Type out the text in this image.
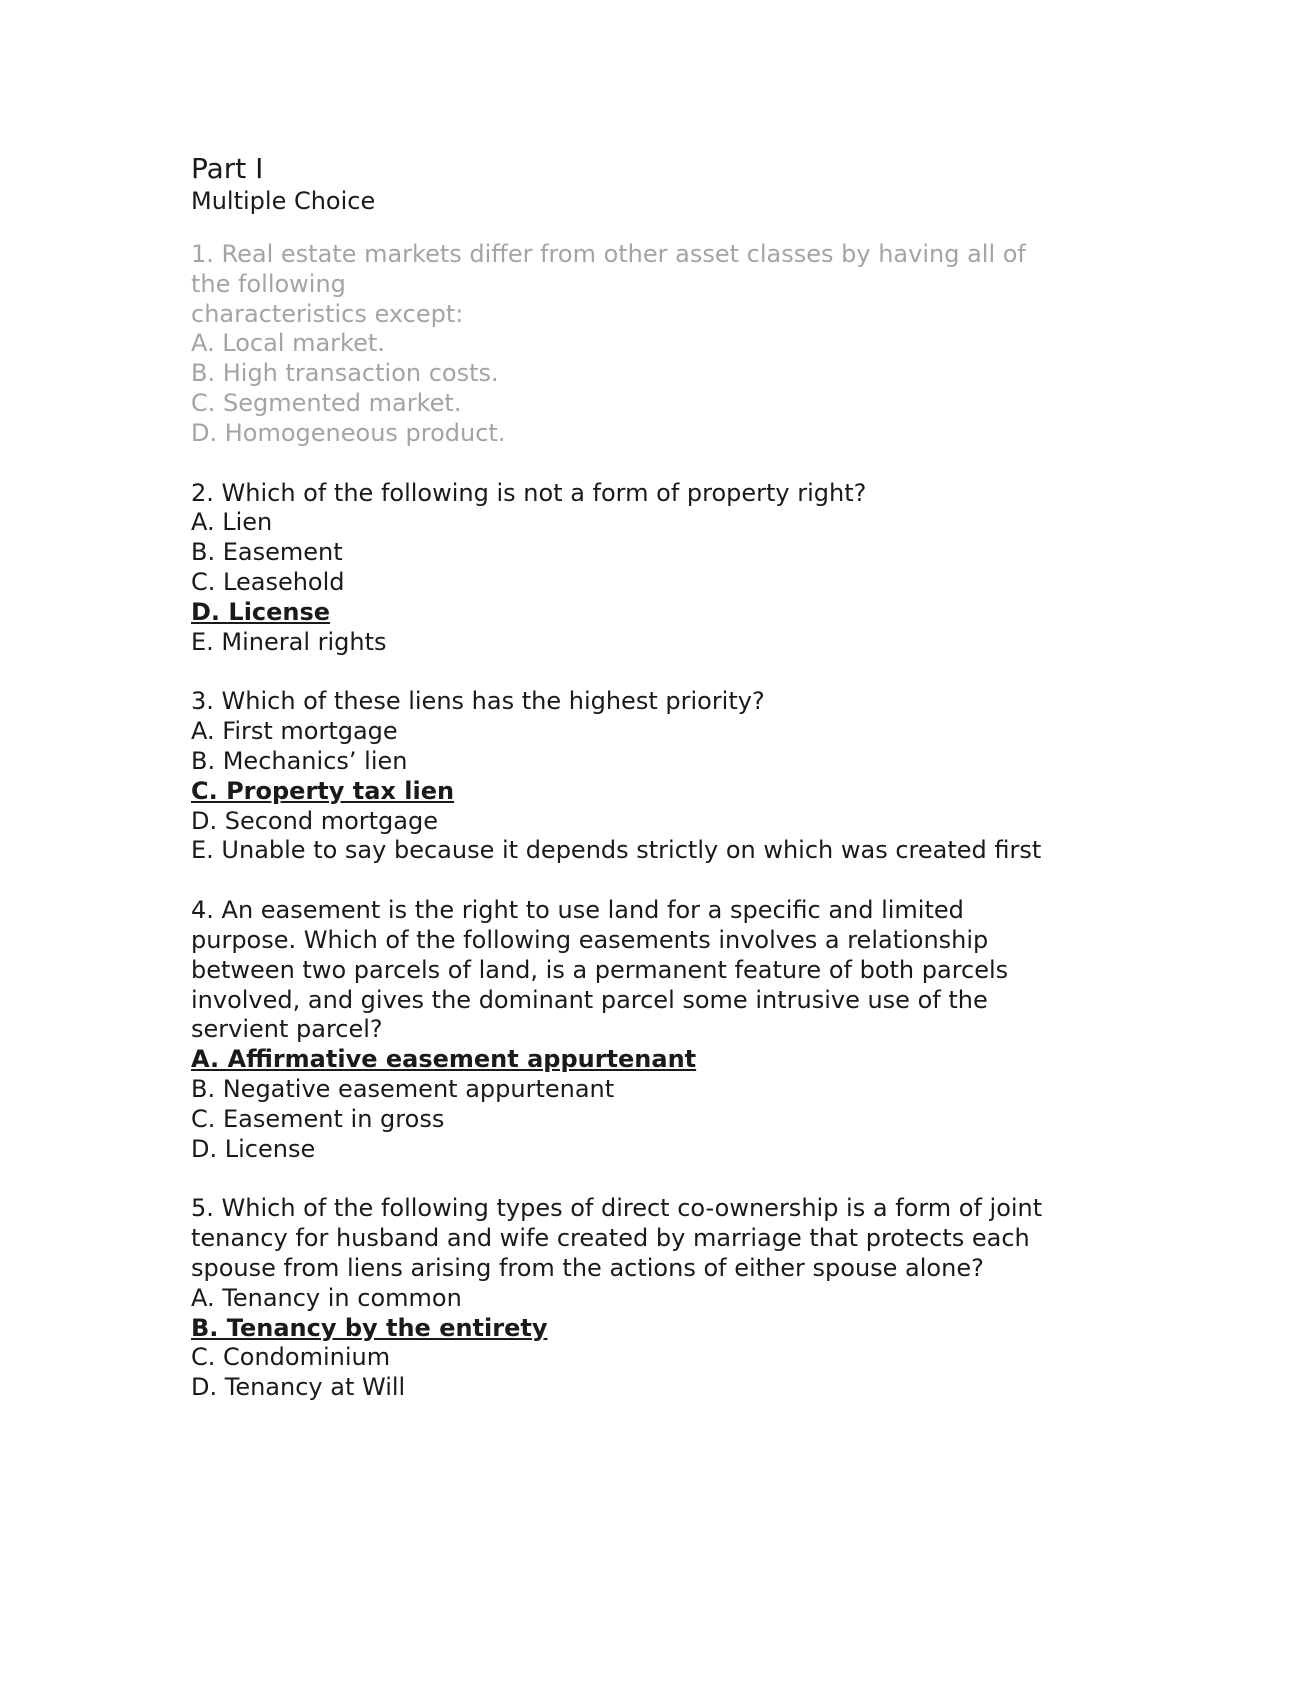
Part I
Multiple Choice

1. Real estate markets differ from other asset classes by having all of
the following
characteristics except:

A. Local market.

B. High transaction costs.

C. Segmented market.

D. Homogeneous product.

2. Which of the following is not a form of property right?

A. Lien

B. Easement

C. Leasehold

D. License

E. Mineral rights

3. Which of these liens has the highest priority?

A. First mortgage

B. Mechanics’ lien

C. Property tax lien

D. Second mortgage

E. Unable to say because it depends strictly on which was created first

4. An easement is the right to use land for a specific and limited
purpose. Which of the following easements involves a relationship
between two parcels of land, is a permanent feature of both parcels
involved, and gives the dominant parcel some intrusive use of the
servient parcel?

A. Affirmative easement appurtenant

B. Negative easement appurtenant

C. Easement in gross

D. License

5. Which of the following types of direct co-ownership is a form of joint
tenancy for husband and wife created by marriage that protects each
spouse from liens arising from the actions of either spouse alone?

A. Tenancy in common

B. Tenancy by the entirety

C. Condominium

D. Tenancy at Will
